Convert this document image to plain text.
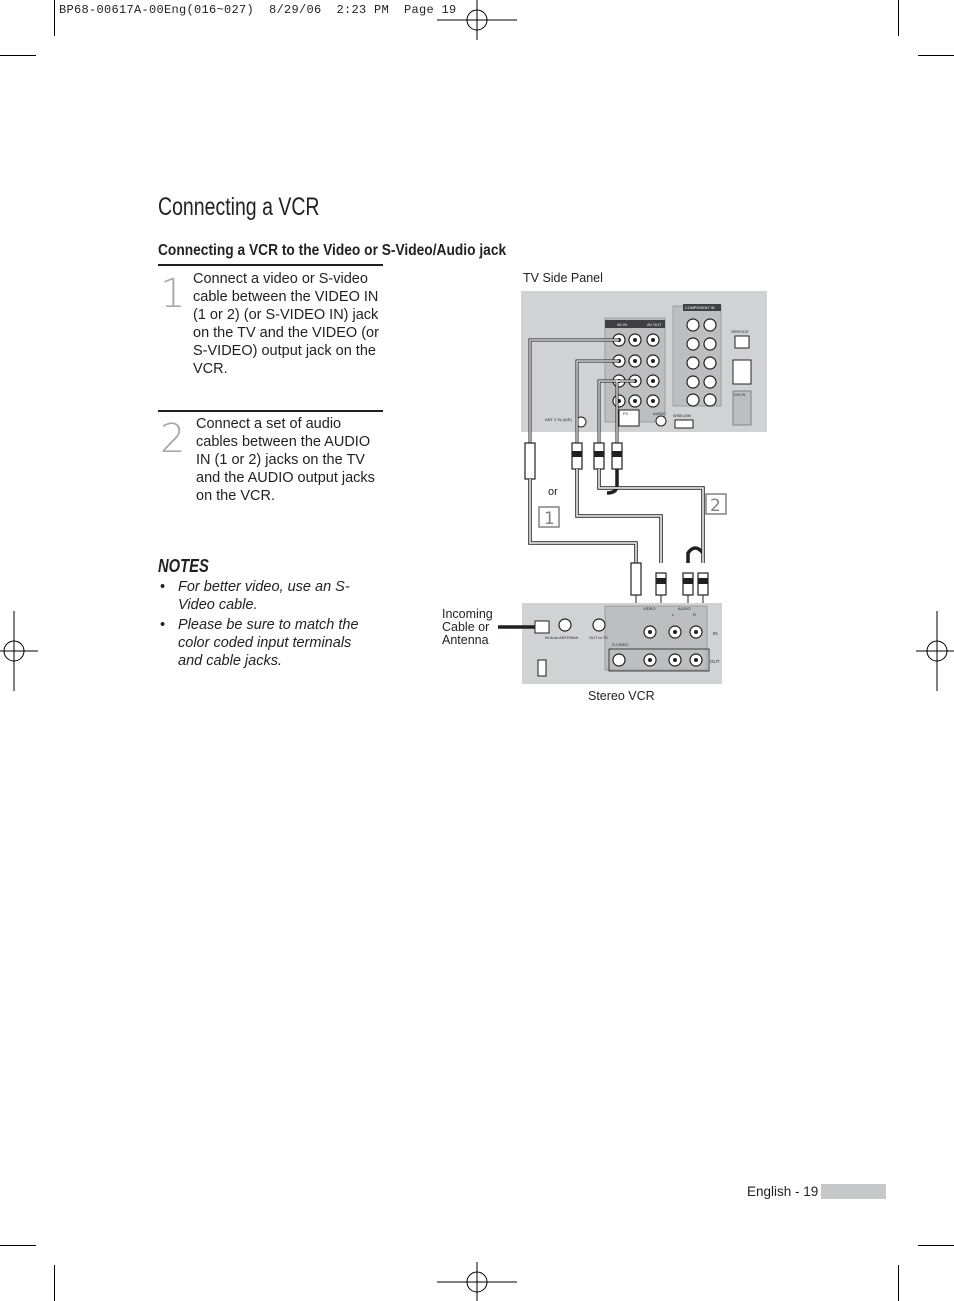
BP68-00617A-00Eng(016~027)  8/29/06  2:23 PM  Page 19
Connecting a VCR
Connecting a VCR to the Video or S-Video/Audio jack
1 Connect a video or S-video cable between the VIDEO IN (1 or 2) (or S-VIDEO IN) jack on the TV and the VIDEO (or S-VIDEO) output jack on the VCR.
2 Connect a set of audio cables between the AUDIO IN (1 or 2) jacks on the TV and the AUDIO output jacks on the VCR.
NOTES
• For better video, use an S-Video cable.
• Please be sure to match the color coded input terminals and cable jacks.
TV Side Panel
Stereo VCR
Incoming
Cable or
Antenna
AV IN	AV OUT
COMPONENT IN
SERVICE
DVI IN
PC	AUDIO WISELINK
ANT 2 IN (AIR)
1
2
or
VIDEO	AUDIO
L	R
IN
OUT
S-VIDEO
IN from ANTENNA	OUT to TV
English - 19
